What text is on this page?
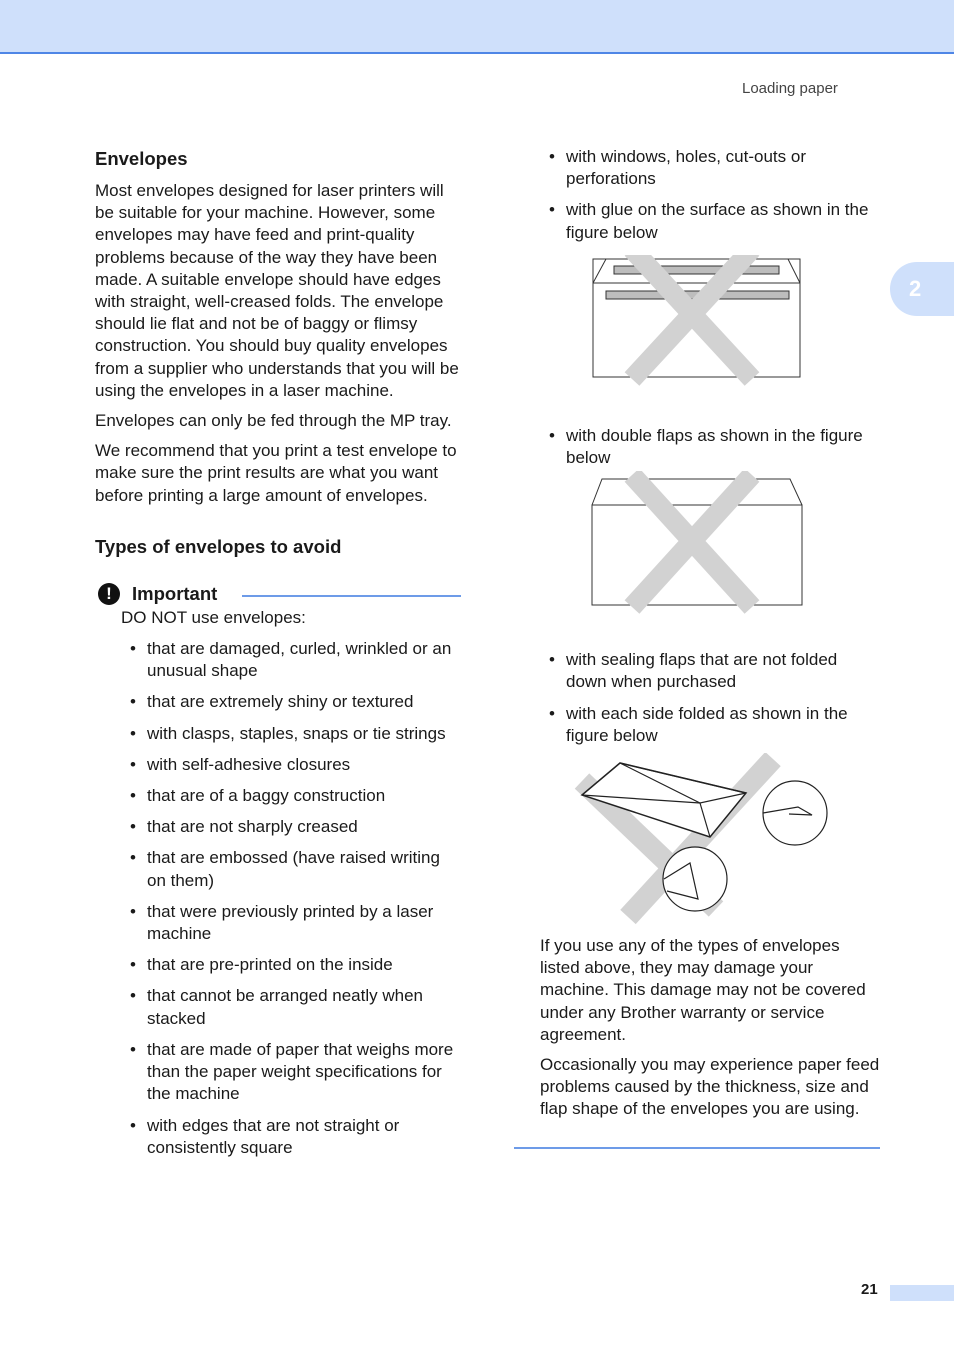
Loading paper
2
Envelopes

Most envelopes designed for laser printers will be suitable for your machine. However, some envelopes may have feed and print-quality problems because of the way they have been made. A suitable envelope should have edges with straight, well-creased folds. The envelope should lie flat and not be of baggy or flimsy construction. You should buy quality envelopes from a supplier who understands that you will be using the envelopes in a laser machine.

Envelopes can only be fed through the MP tray.

We recommend that you print a test envelope to make sure the print results are what you want before printing a large amount of envelopes.

Types of envelopes to avoid
!	Important

DO NOT use envelopes:

• that are damaged, curled, wrinkled or an unusual shape
• that are extremely shiny or textured
• with clasps, staples, snaps or tie strings
• with self-adhesive closures
• that are of a baggy construction
• that are not sharply creased
• that are embossed (have raised writing on them)
• that were previously printed by a laser machine
• that are pre-printed on the inside
• that cannot be arranged neatly when stacked
• that are made of paper that weighs more than the paper weight specifications for the machine
• with edges that are not straight or consistently square
• with windows, holes, cut-outs or perforations
• with glue on the surface as shown in the figure below
• with double flaps as shown in the figure below
• with sealing flaps that are not folded down when purchased
• with each side folded as shown in the figure below

If you use any of the types of envelopes listed above, they may damage your machine. This damage may not be covered under any Brother warranty or service agreement.

Occasionally you may experience paper feed problems caused by the thickness, size and flap shape of the envelopes you are using.

21
